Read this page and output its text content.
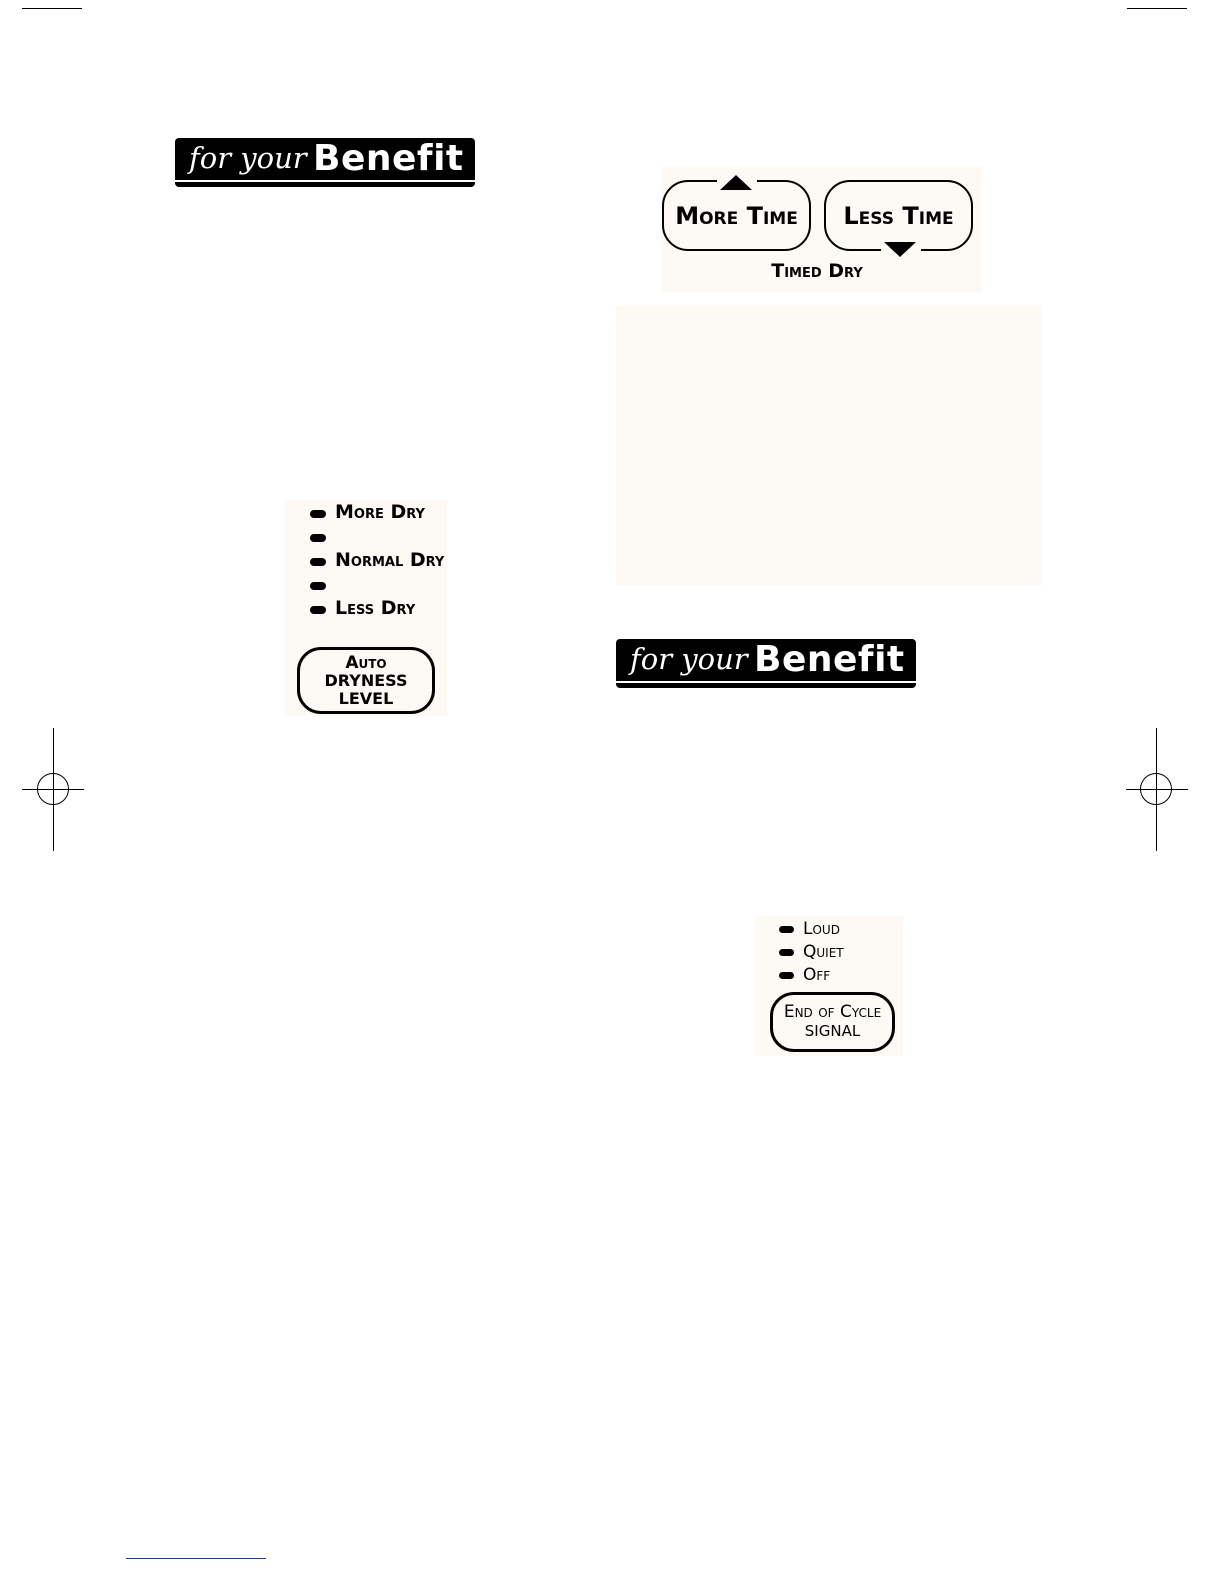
for your Benefit
More Time Less Time
Timed Dry
More Dry
Normal Dry
Less Dry
Auto
DRYNESS
LEVEL
for your Benefit
Loud
Quiet
Off
End of Cycle
SIGNAL
